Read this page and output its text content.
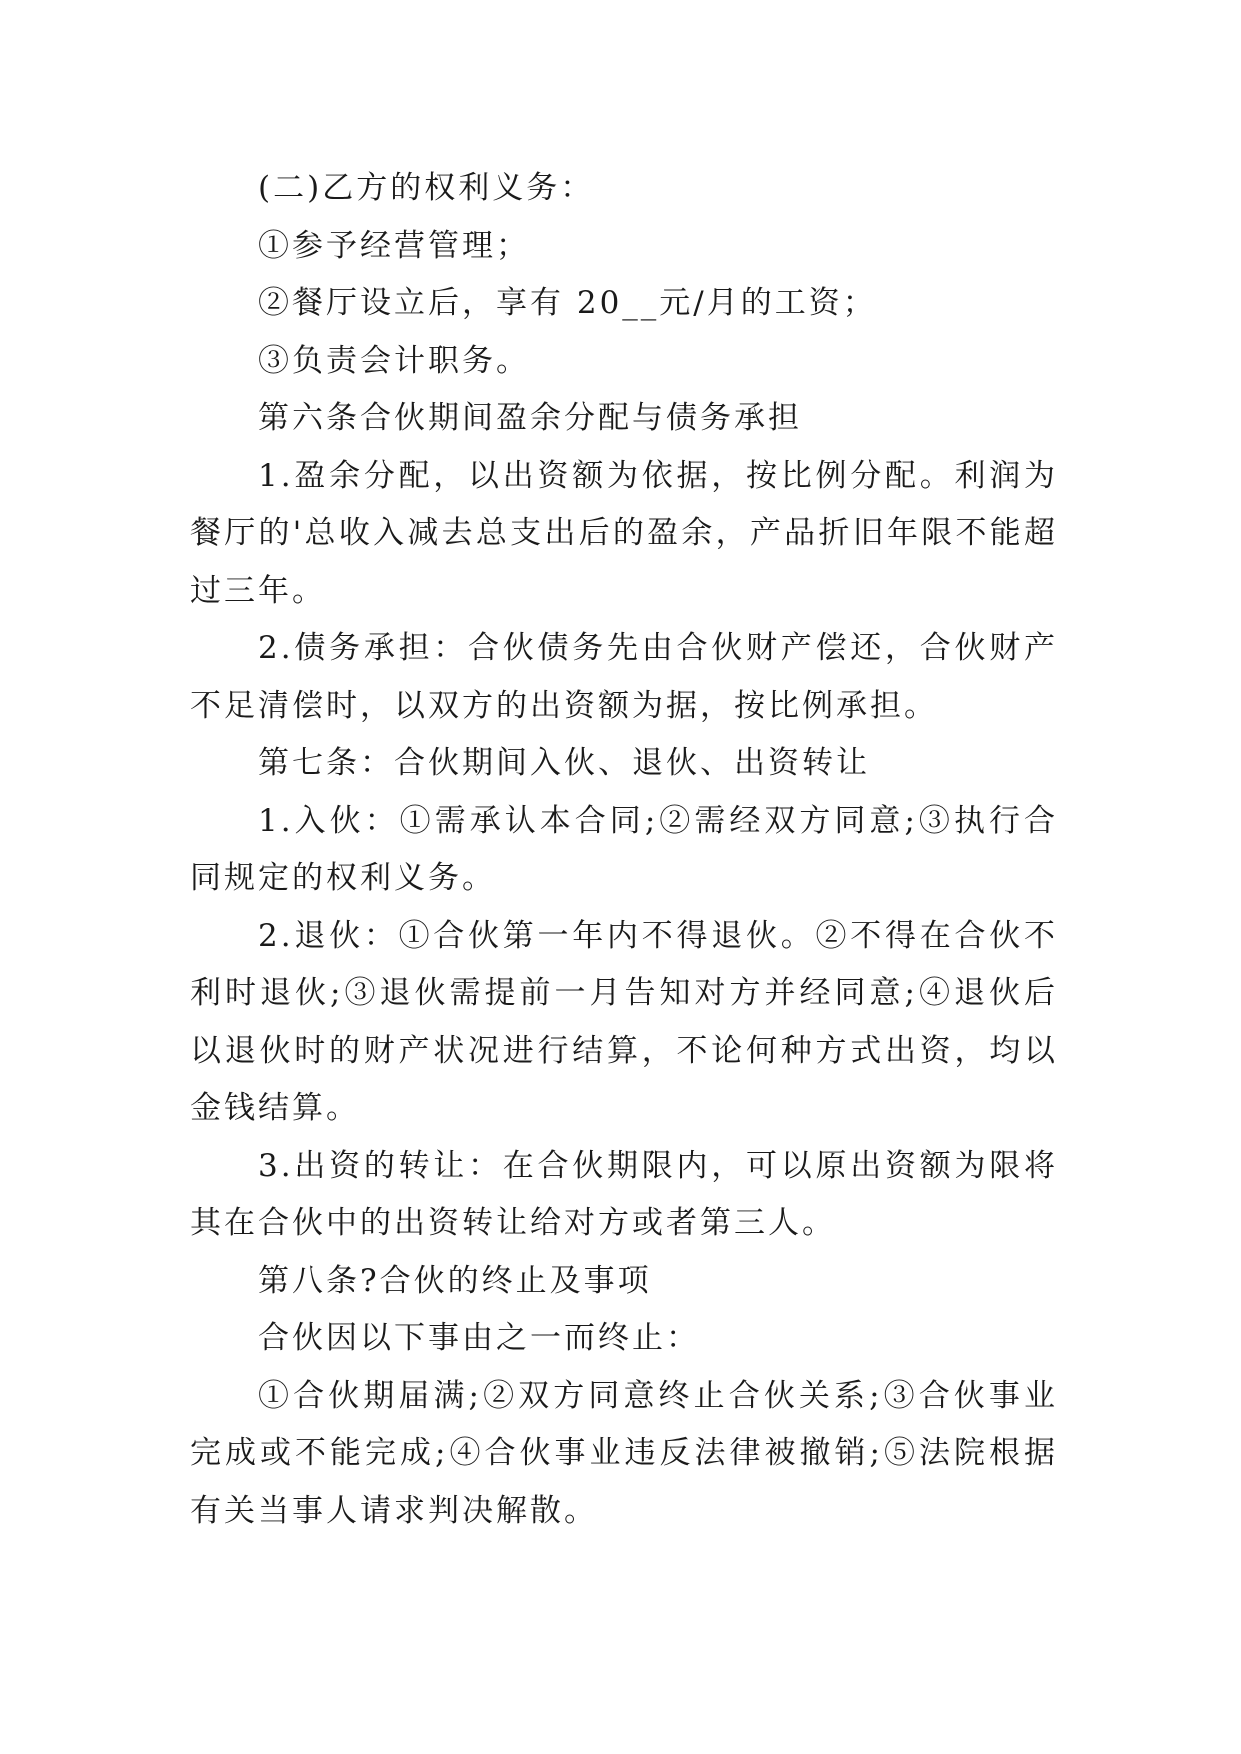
(二)乙方的权利义务：

①参予经营管理；

②餐厅设立后，享有 20__元/月的工资；

③负责会计职务。

第六条合伙期间盈余分配与债务承担

1.盈余分配，以出资额为依据，按比例分配。利润为餐厅的'总收入减去总支出后的盈余，产品折旧年限不能超过三年。

2.债务承担：合伙债务先由合伙财产偿还，合伙财产不足清偿时，以双方的出资额为据，按比例承担。

第七条：合伙期间入伙、退伙、出资转让

1.入伙：①需承认本合同;②需经双方同意;③执行合同规定的权利义务。

2.退伙：①合伙第一年内不得退伙。②不得在合伙不利时退伙;③退伙需提前一月告知对方并经同意;④退伙后以退伙时的财产状况进行结算，不论何种方式出资，均以金钱结算。

3.出资的转让：在合伙期限内，可以原出资额为限将其在合伙中的出资转让给对方或者第三人。

第八条?合伙的终止及事项

合伙因以下事由之一而终止：

①合伙期届满;②双方同意终止合伙关系;③合伙事业完成或不能完成;④合伙事业违反法律被撤销;⑤法院根据有关当事人请求判决解散。
